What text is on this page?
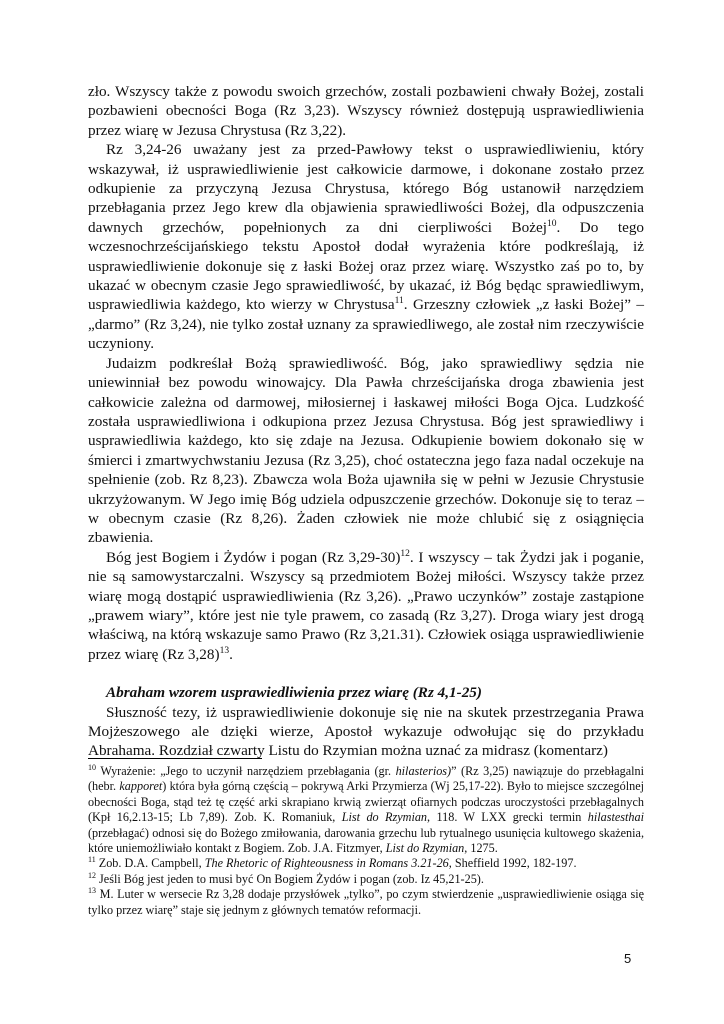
zło. Wszyscy także z powodu swoich grzechów, zostali pozbawieni chwały Bożej, zostali pozbawieni obecności Boga (Rz 3,23). Wszyscy również dostępują usprawiedliwienia przez wiarę w Jezusa Chrystusa (Rz 3,22).

Rz 3,24-26 uważany jest za przed-Pawłowy tekst o usprawiedliwieniu, który wskazywał, iż usprawiedliwienie jest całkowicie darmowe, i dokonane zostało przez odkupienie za przyczyną Jezusa Chrystusa, którego Bóg ustanowił narzędziem przebłagania przez Jego krew dla objawienia sprawiedliwości Bożej, dla odpuszczenia dawnych grzechów, popełnionych za dni cierpliwości Bożej$^{10}$. Do tego wczesnochrześcijańskiego tekstu Apostoł dodał wyrażenia które podkreślają, iż usprawiedliwienie dokonuje się z łaski Bożej oraz przez wiarę. Wszystko zaś po to, by ukazać w obecnym czasie Jego sprawiedliwość, by ukazać, iż Bóg będąc sprawiedliwym, usprawiedliwia każdego, kto wierzy w Chrystusa$^{11}$. Grzeszny człowiek „z łaski Bożej” – „darmo” (Rz 3,24), nie tylko został uznany za sprawiedliwego, ale został nim rzeczywiście uczyniony.

Judaizm podkreślał Bożą sprawiedliwość. Bóg, jako sprawiedliwy sędzia nie uniewinniał bez powodu winowajcy. Dla Pawła chrześcijańska droga zbawienia jest całkowicie zależna od darmowej, miłosiernej i łaskawej miłości Boga Ojca. Ludzkość została usprawiedliwiona i odkupiona przez Jezusa Chrystusa. Bóg jest sprawiedliwy i usprawiedliwia każdego, kto się zdaje na Jezusa. Odkupienie bowiem dokonało się w śmierci i zmartwychwstaniu Jezusa (Rz 3,25), choć ostateczna jego faza nadal oczekuje na spełnienie (zob. Rz 8,23). Zbawcza wola Boża ujawniła się w pełni w Jezusie Chrystusie ukrzyżowanym. W Jego imię Bóg udziela odpuszczenie grzechów. Dokonuje się to teraz – w obecnym czasie (Rz 8,26). Żaden człowiek nie może chlubić się z osiągnięcia zbawienia.

Bóg jest Bogiem i Żydów i pogan (Rz 3,29-30)$^{12}$. I wszyscy – tak Żydzi jak i poganie, nie są samowystarczalni. Wszyscy są przedmiotem Bożej miłości. Wszyscy także przez wiarę mogą dostąpić usprawiedliwienia (Rz 3,26). „Prawo uczynków” zostaje zastąpione „prawem wiary”, które jest nie tyle prawem, co zasadą (Rz 3,27). Droga wiary jest drogą właściwą, na którą wskazuje samo Prawo (Rz 3,21.31). Człowiek osiąga usprawiedliwienie przez wiarę (Rz 3,28)$^{13}$.

Abraham wzorem usprawiedliwienia przez wiarę (Rz 4,1-25)

Słuszność tezy, iż usprawiedliwienie dokonuje się nie na skutek przestrzegania Prawa Mojżeszowego ale dzięki wierze, Apostoł wykazuje odwołując się do przykładu Abrahama. Rozdział czwarty Listu do Rzymian można uznać za midrasz (komentarz)

$^{10}$ Wyrażenie: „Jego to uczynił narzędziem przebłagania (gr. hilasterios)” (Rz 3,25) nawiązuje do przebłagalni (hebr. kapporet) która była górną częścią – pokrywą Arki Przymierza (Wj 25,17-22). Było to miejsce szczególnej obecności Boga, stąd też tę część arki skrapiano krwią zwierząt ofiarnych podczas uroczystości przebłagalnych (Kpł 16,2.13-15; Lb 7,89). Zob. K. Romaniuk, List do Rzymian, 118. W LXX grecki termin hilastesthai (przebłagać) odnosi się do Bożego zmiłowania, darowania grzechu lub rytualnego usunięcia kultowego skażenia, które uniemożliwiało kontakt z Bogiem. Zob. J.A. Fitzmyer, List do Rzymian, 1275.

$^{11}$ Zob. D.A. Campbell, The Rhetoric of Righteousness in Romans 3.21-26, Sheffield 1992, 182-197.

$^{12}$ Jeśli Bóg jest jeden to musi być On Bogiem Żydów i pogan (zob. Iz 45,21-25).

$^{13}$ M. Luter w wersecie Rz 3,28 dodaje przysłówek „tylko”, po czym stwierdzenie „usprawiedliwienie osiąga się tylko przez wiarę” staje się jednym z głównych tematów reformacji.

5
